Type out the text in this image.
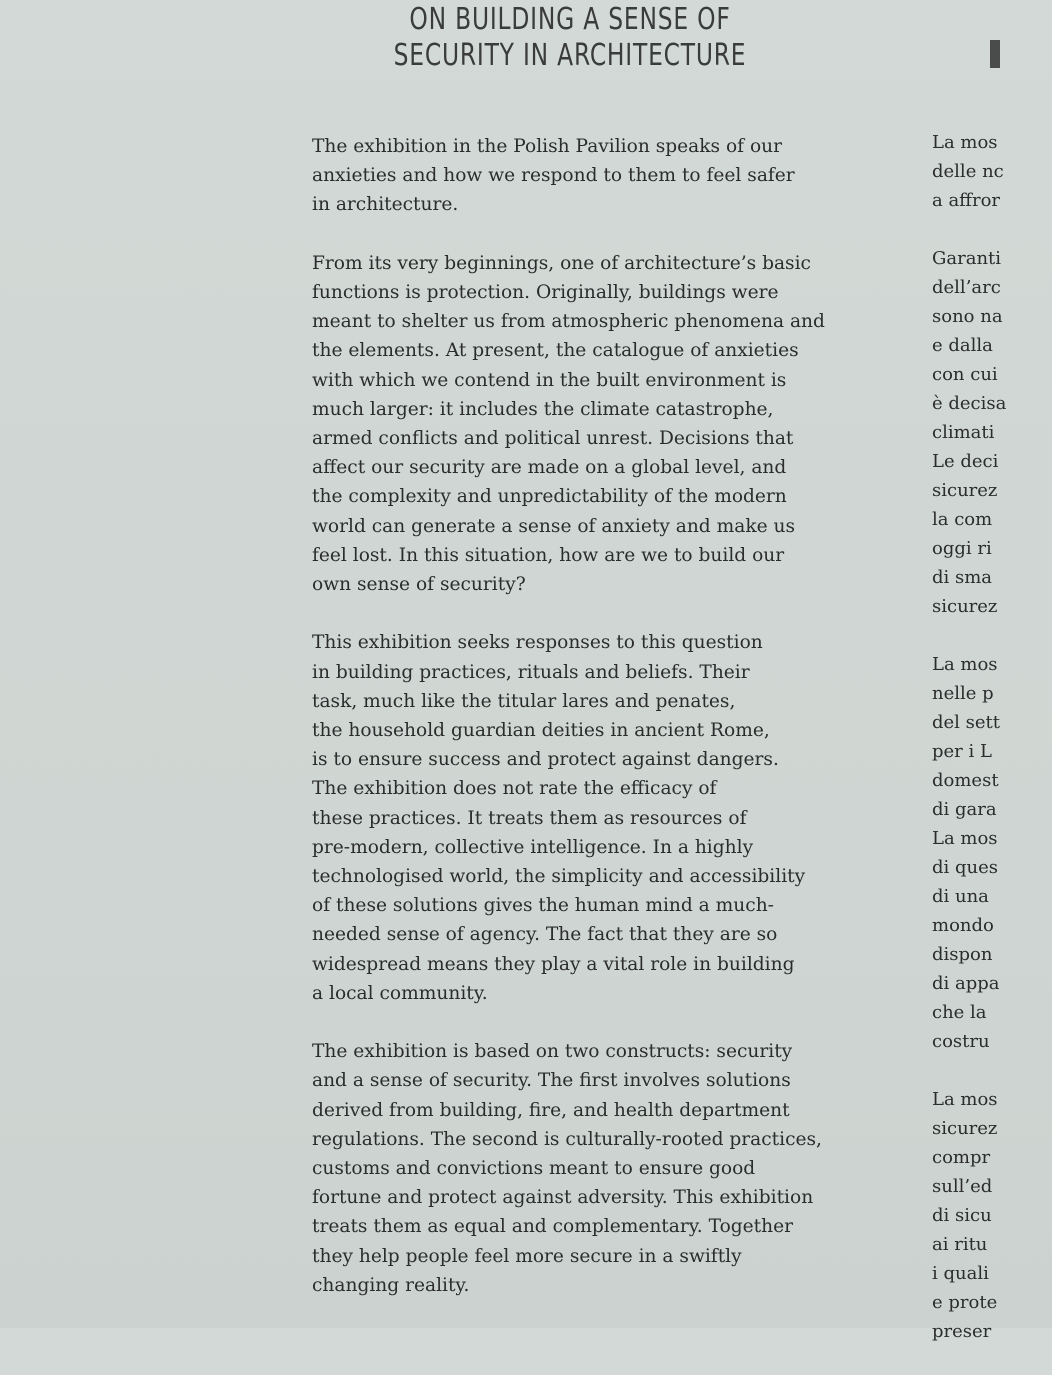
ON BUILDING A SENSE OF
SECURITY IN ARCHITECTURE

The exhibition in the Polish Pavilion speaks of our
anxieties and how we respond to them to feel safer
in architecture.

From its very beginnings, one of architecture’s basic
functions is protection. Originally, buildings were
meant to shelter us from atmospheric phenomena and
the elements. At present, the catalogue of anxieties
with which we contend in the built environment is
much larger: it includes the climate catastrophe,
armed conflicts and political unrest. Decisions that
affect our security are made on a global level, and
the complexity and unpredictability of the modern
world can generate a sense of anxiety and make us
feel lost. In this situation, how are we to build our
own sense of security?

This exhibition seeks responses to this question
in building practices, rituals and beliefs. Their
task, much like the titular lares and penates,
the household guardian deities in ancient Rome,
is to ensure success and protect against dangers.
The exhibition does not rate the efficacy of
these practices. It treats them as resources of
pre-modern, collective intelligence. In a highly
technologised world, the simplicity and accessibility
of these solutions gives the human mind a much-
needed sense of agency. The fact that they are so
widespread means they play a vital role in building
a local community.

The exhibition is based on two constructs: security
and a sense of security. The first involves solutions
derived from building, fire, and health department
regulations. The second is culturally-rooted practices,
customs and convictions meant to ensure good
fortune and protect against adversity. This exhibition
treats them as equal and complementary. Together
they help people feel more secure in a swiftly
changing reality.

La mos
delle nc
a affror

Garanti
dell’arc
sono na
e dalla
con cui
è decisa
climati
Le deci
sicurez
la com
oggi ri
di sma
sicurez

La mos
nelle p
del sett
per i L
domest
di gara
La mos
di ques
di una
mondo
dispon
di appa
che la
costru

La mos
sicurez
compr
sull’ed
di sicu
ai ritu
i quali
e prote
preser
